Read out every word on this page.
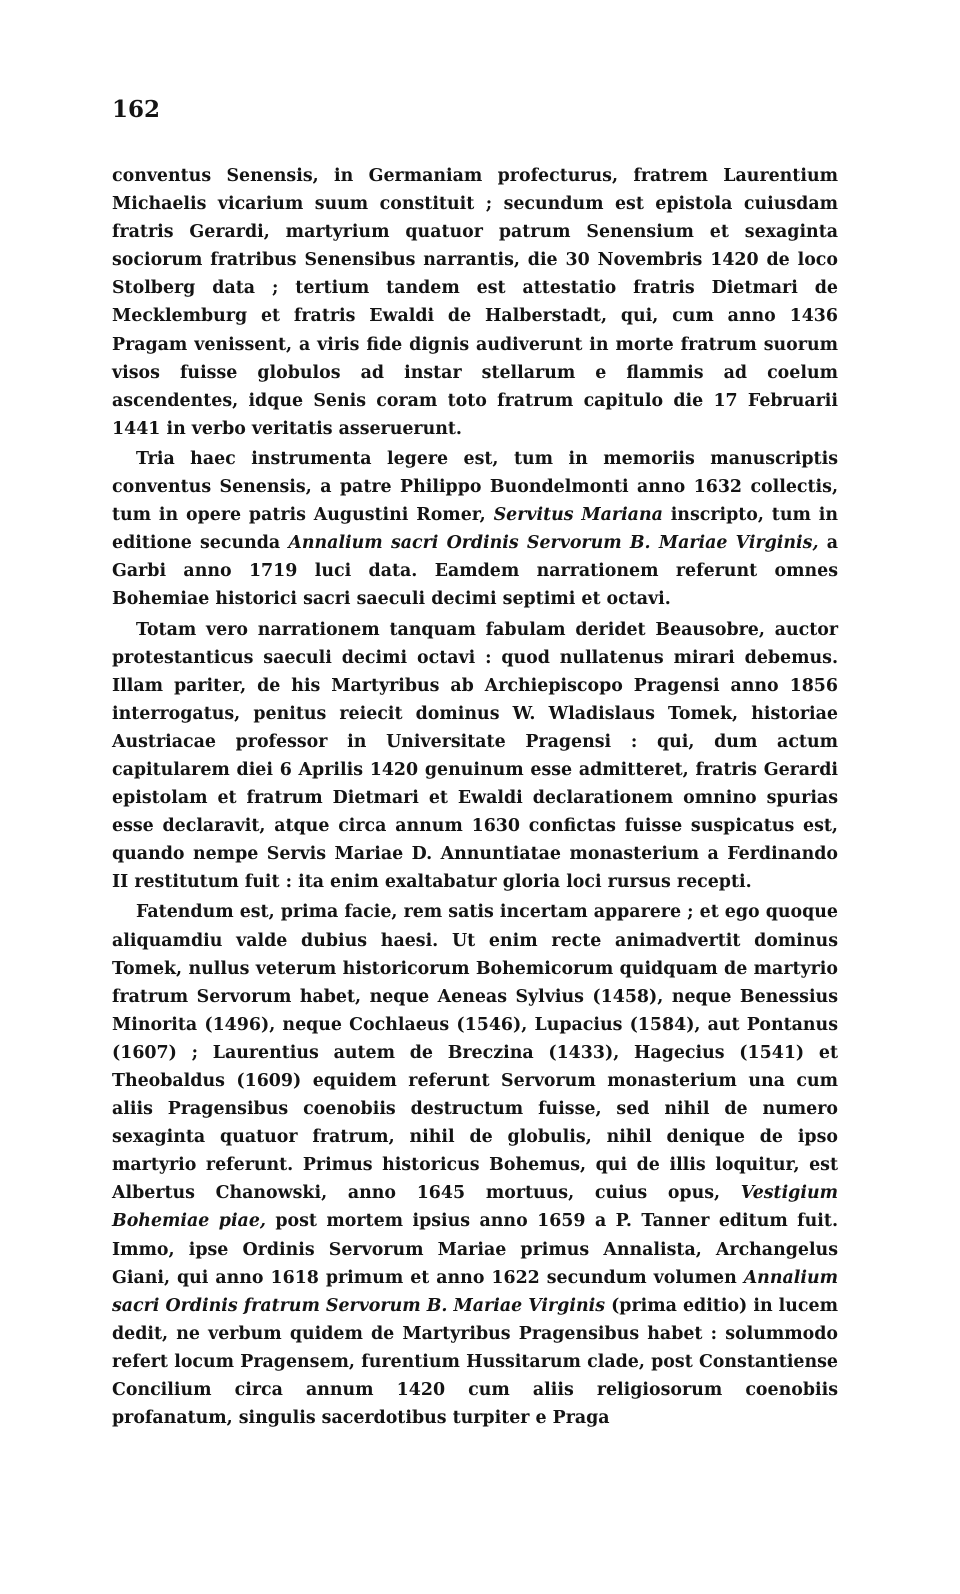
162

conventus Senensis, in Germaniam profecturus, fratrem Laurentium Michaelis vicarium suum constituit ; secundum est epistola cuiusdam fratris Gerardi, martyrium quatuor patrum Senensium et sexaginta sociorum fratribus Senensibus narrantis, die 30 Novembris 1420 de loco Stolberg data ; tertium tandem est attestatio fratris Dietmari de Mecklemburg et fratris Ewaldi de Halberstadt, qui, cum anno 1436 Pragam venissent, a viris fide dignis audiverunt in morte fratrum suorum visos fuisse globulos ad instar stellarum e flammis ad coelum ascendentes, idque Senis coram toto fratrum capitulo die 17 Februarii 1441 in verbo veritatis asseruerunt.

Tria haec instrumenta legere est, tum in memoriis manuscriptis conventus Senensis, a patre Philippo Buondelmonti anno 1632 collectis, tum in opere patris Augustini Romer, Servitus Mariana inscripto, tum in editione secunda Annalium sacri Ordinis Servorum B. Mariae Virginis, a Garbi anno 1719 luci data. Eamdem narrationem referunt omnes Bohemiae historici sacri saeculi decimi septimi et octavi.

Totam vero narrationem tanquam fabulam deridet Beausobre, auctor protestanticus saeculi decimi octavi : quod nullatenus mirari debemus. Illam pariter, de his Martyribus ab Archiepiscopo Pragensi anno 1856 interrogatus, penitus reiecit dominus W. Wladislaus Tomek, historiae Austriacae professor in Universitate Pragensi : qui, dum actum capitularem diei 6 Aprilis 1420 genuinum esse admitteret, fratris Gerardi epistolam et fratrum Dietmari et Ewaldi declarationem omnino spurias esse declaravit, atque circa annum 1630 confictas fuisse suspicatus est, quando nempe Servis Mariae D. Annuntiatae monasterium a Ferdinando II restitutum fuit : ita enim exaltabatur gloria loci rursus recepti.

Fatendum est, prima facie, rem satis incertam apparere ; et ego quoque aliquamdiu valde dubius haesi. Ut enim recte animadvertit dominus Tomek, nullus veterum historicorum Bohemicorum quidquam de martyrio fratrum Servorum habet, neque Aeneas Sylvius (1458), neque Benessius Minorita (1496), neque Cochlaeus (1546), Lupacius (1584), aut Pontanus (1607) ; Laurentius autem de Breczina (1433), Hagecius (1541) et Theobaldus (1609) equidem referunt Servorum monasterium una cum aliis Pragensibus coenobiis destructum fuisse, sed nihil de numero sexaginta quatuor fratrum, nihil de globulis, nihil denique de ipso martyrio referunt. Primus historicus Bohemus, qui de illis loquitur, est Albertus Chanowski, anno 1645 mortuus, cuius opus, Vestigium Bohemiae piae, post mortem ipsius anno 1659 a P. Tanner editum fuit. Immo, ipse Ordinis Servorum Mariae primus Annalista, Archangelus Giani, qui anno 1618 primum et anno 1622 secundum volumen Annalium sacri Ordinis fratrum Servorum B. Mariae Virginis (prima editio) in lucem dedit, ne verbum quidem de Martyribus Pragensibus habet : solummodo refert locum Pragensem, furentium Hussitarum clade, post Constantiense Concilium circa annum 1420 cum aliis religiosorum coenobiis profanatum, singulis sacerdotibus turpiter e Praga
